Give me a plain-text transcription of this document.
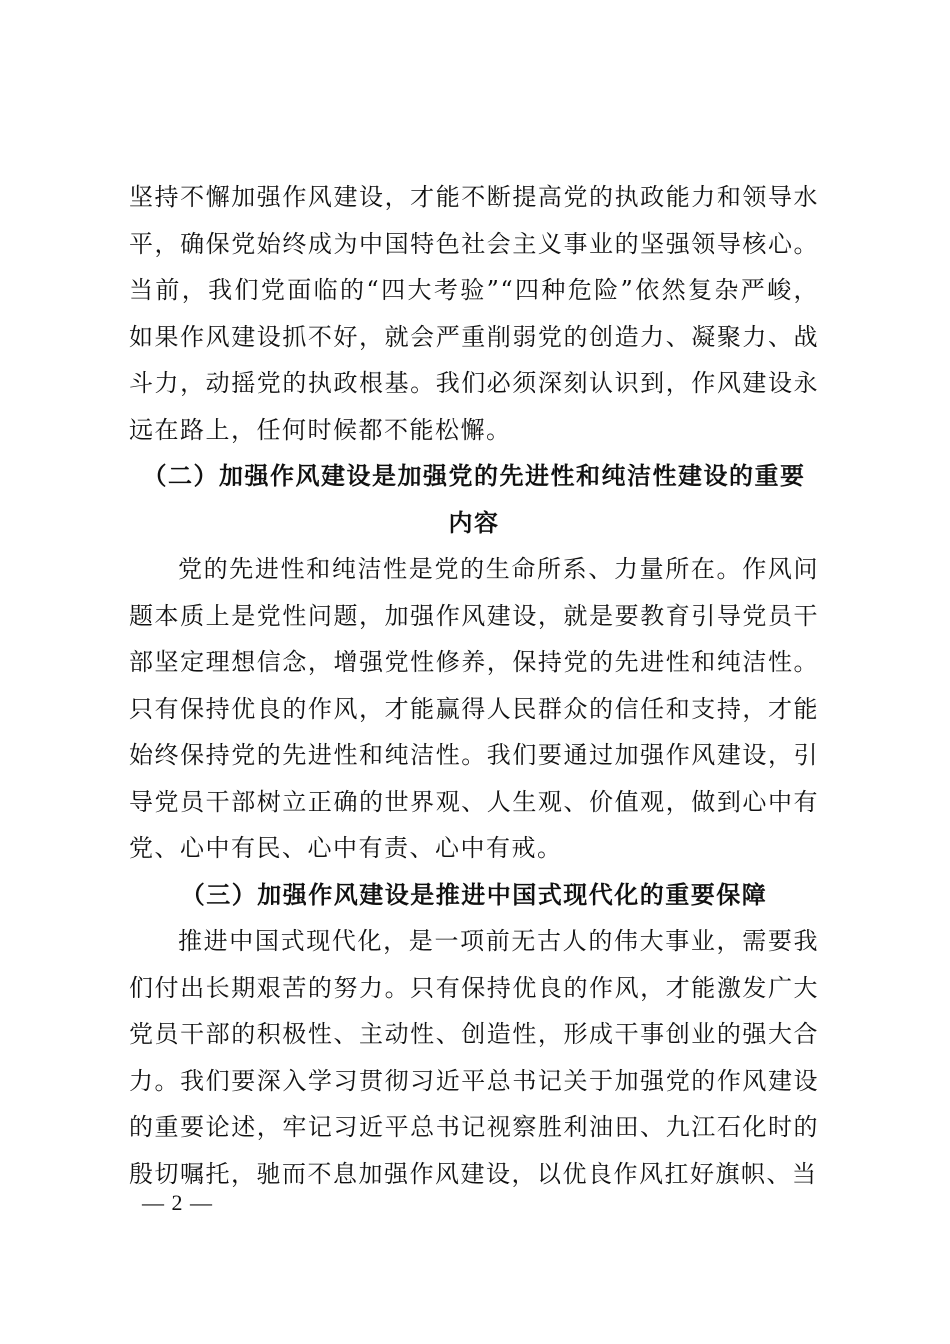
坚持不懈加强作风建设，才能不断提高党的执政能力和领导水平，确保党始终成为中国特色社会主义事业的坚强领导核心。当前，我们党面临的“四大考验”“四种危险”依然复杂严峻，如果作风建设抓不好，就会严重削弱党的创造力、凝聚力、战斗力，动摇党的执政根基。我们必须深刻认识到，作风建设永远在路上，任何时候都不能松懈。

（二）加强作风建设是加强党的先进性和纯洁性建设的重要内容

党的先进性和纯洁性是党的生命所系、力量所在。作风问题本质上是党性问题，加强作风建设，就是要教育引导党员干部坚定理想信念，增强党性修养，保持党的先进性和纯洁性。只有保持优良的作风，才能赢得人民群众的信任和支持，才能始终保持党的先进性和纯洁性。我们要通过加强作风建设，引导党员干部树立正确的世界观、人生观、价值观，做到心中有党、心中有民、心中有责、心中有戒。

（三）加强作风建设是推进中国式现代化的重要保障

推进中国式现代化，是一项前无古人的伟大事业，需要我们付出长期艰苦的努力。只有保持优良的作风，才能激发广大党员干部的积极性、主动性、创造性，形成干事创业的强大合力。我们要深入学习贯彻习近平总书记关于加强党的作风建设的重要论述，牢记习近平总书记视察胜利油田、九江石化时的殷切嘱托，驰而不息加强作风建设，以优良作风扛好旗帜、当

— 2 —
